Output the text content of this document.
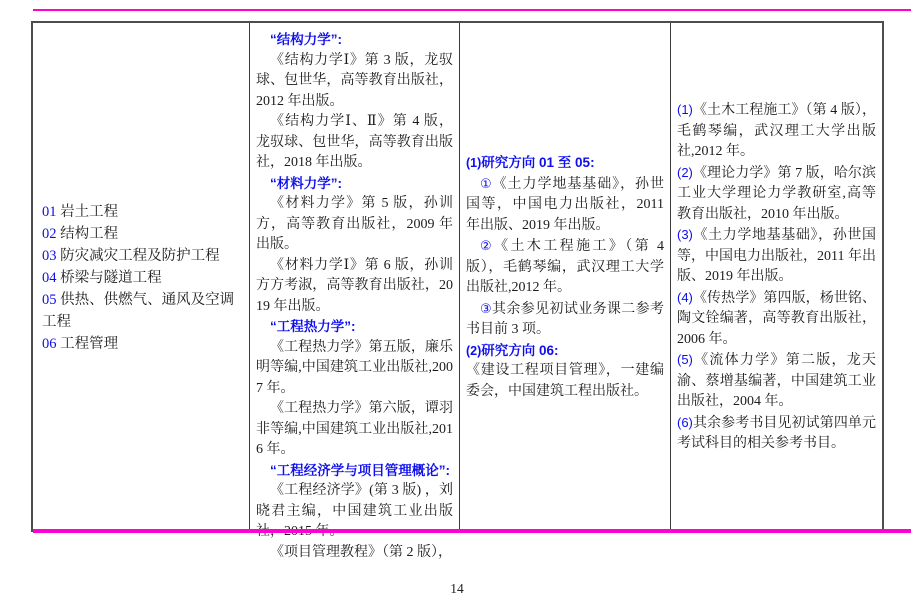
01 岩土工程

02 结构工程

03 防灾减灾工程及防护工程

04 桥梁与隧道工程

05 供热、供燃气、通风及空调工程

06 工程管理

“结构力学”:

《结构力学Ⅰ》第 3 版，龙驭球、包世华，高等教育出版社，2012 年出版。

《结构力学Ⅰ、Ⅱ》第 4 版，龙驭球、包世华，高等教育出版社，2018 年出版。

“材料力学”:

《材料力学》第 5 版，孙训方，高等教育出版社，2009 年出版。

《材料力学Ⅰ》第 6 版，孙训方方考淑，高等教育出版社，2019 年出版。

“工程热力学”:

《工程热力学》第五版，廉乐明等编,中国建筑工业出版社,2007 年。

《工程热力学》第六版，谭羽非等编,中国建筑工业出版社,2016 年。

“工程经济学与项目管理概论”:

《工程经济学》(第 3 版) ，刘晓君主编，中国建筑工业出版

《项目管理教程》（第 2 版），

(1)研究方向 01 至 05:

①《土力学地基基础》，孙世国等，中国电力出版社，2011 年出版、2019 年出版。

②《土木工程施工》（第 4 版），毛鹤琴编，武汉理工大学出版社,2012 年。

③其余参见初试业务课二参考书目前 3 项。

(2)研究方向 06:

《建设工程项目管理》，一建编委会，中国建筑工程出版社。

(1)《土木工程施工》（第 4 版），毛鹤琴编，武汉理工大学出版社,2012 年。

(2)《理论力学》第 7 版，哈尔滨工业大学理论力学教研室,高等教育出版社，2010 年出版。

(3)《土力学地基基础》，孙世国等，中国电力出版社，2011 年出版、2019 年出版。

(4)《传热学》第四版，杨世铭、陶文铨编著，高等教育出版社，2006 年。

(5)《流体力学》第二版，龙天渝、蔡增基编著，中国建筑工业出版社，2004 年。

(6)其余参考书目见初试第四单元考试科目的相关参考书目。

14
